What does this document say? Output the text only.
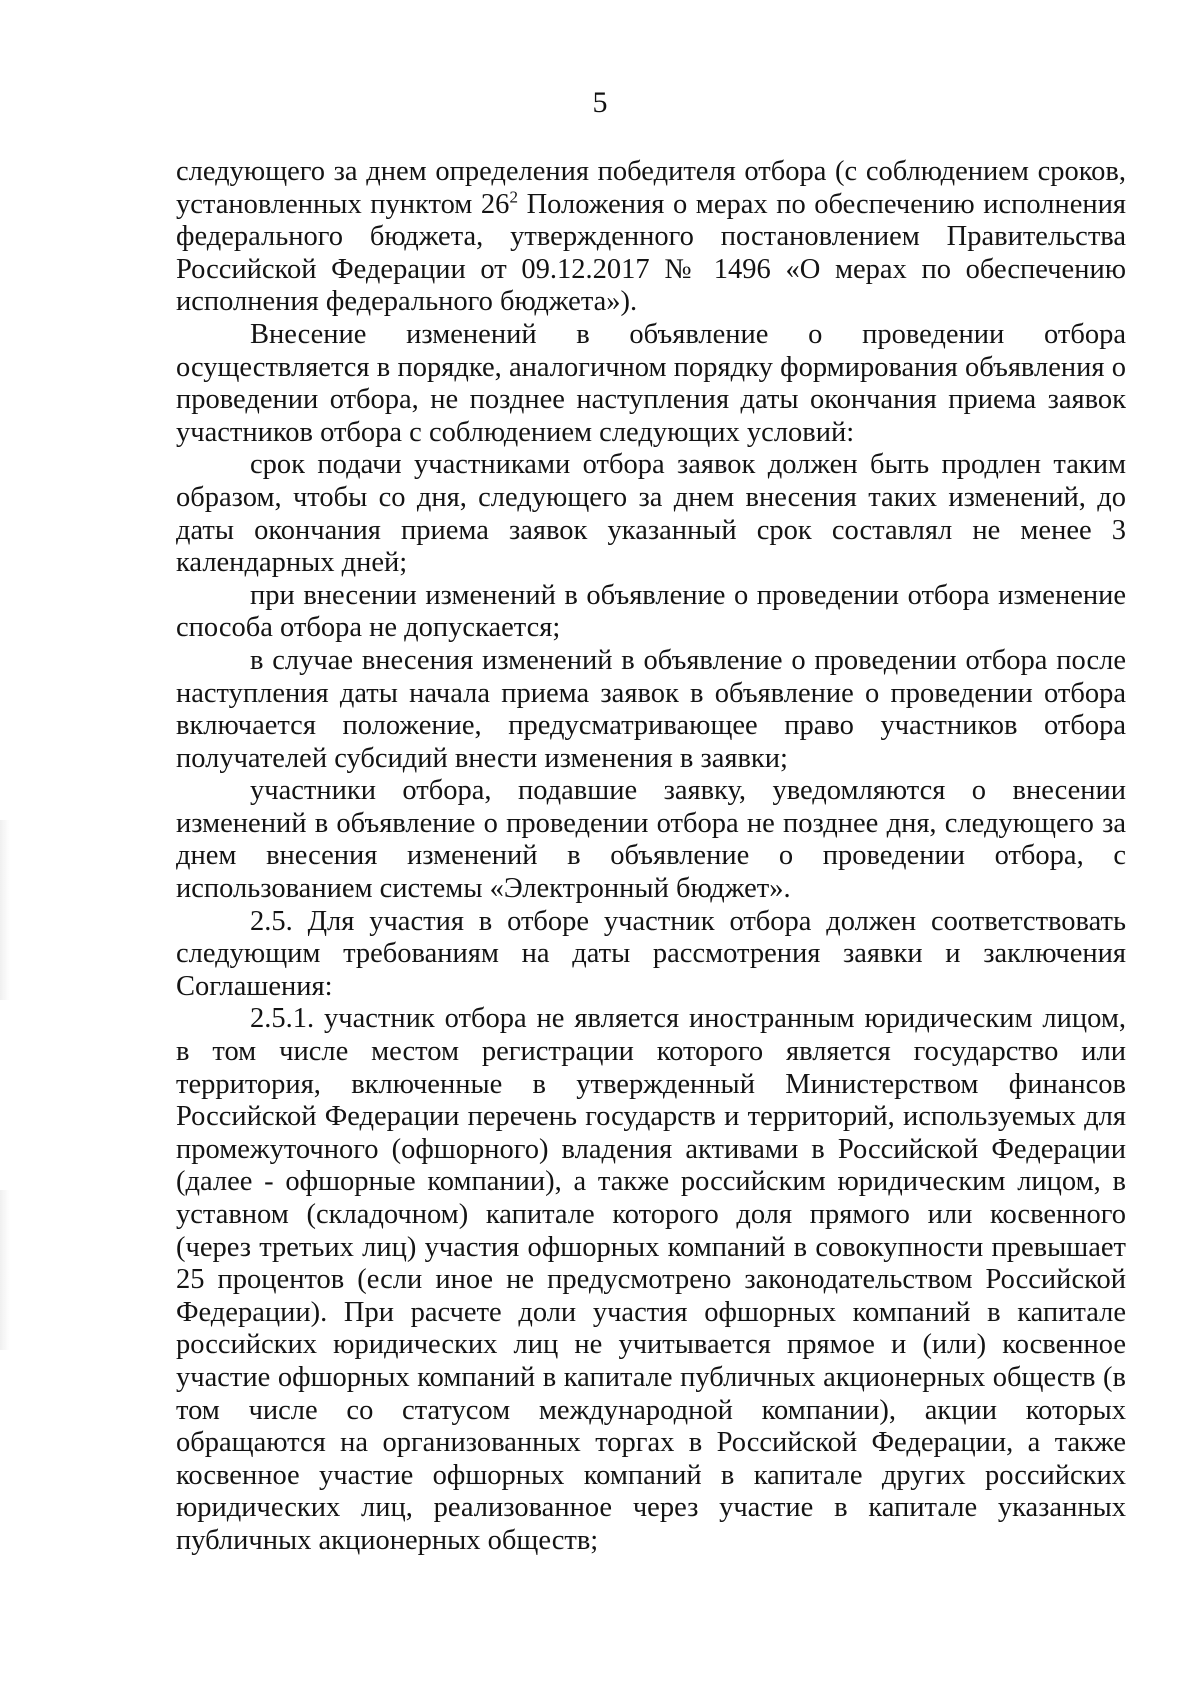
5

следующего за днем определения победителя отбора (с соблюдением сроков, установленных пунктом $26^2$ Положения о мерах по обеспечению исполнения федерального бюджета, утвержденного постановлением Правительства Российской Федерации от 09.12.2017 № 1496 «О мерах по обеспечению исполнения федерального бюджета»).

Внесение изменений в объявление о проведении отбора осуществляется в порядке, аналогичном порядку формирования объявления о проведении отбора, не позднее наступления даты окончания приема заявок участников отбора с соблюдением следующих условий:

срок подачи участниками отбора заявок должен быть продлен таким образом, чтобы со дня, следующего за днем внесения таких изменений, до даты окончания приема заявок указанный срок составлял не менее 3 календарных дней;

при внесении изменений в объявление о проведении отбора изменение способа отбора не допускается;

в случае внесения изменений в объявление о проведении отбора после наступления даты начала приема заявок в объявление о проведении отбора включается положение, предусматривающее право участников отбора получателей субсидий внести изменения в заявки;

участники отбора, подавшие заявку, уведомляются о внесении изменений в объявление о проведении отбора не позднее дня, следующего за днем внесения изменений в объявление о проведении отбора, с использованием системы «Электронный бюджет».

2.5. Для участия в отборе участник отбора должен соответствовать следующим требованиям на даты рассмотрения заявки и заключения Соглашения:

2.5.1. участник отбора не является иностранным юридическим лицом, в том числе местом регистрации которого является государство или территория, включенные в утвержденный Министерством финансов Российской Федерации перечень государств и территорий, используемых для промежуточного (офшорного) владения активами в Российской Федерации (далее - офшорные компании), а также российским юридическим лицом, в уставном (складочном) капитале которого доля прямого или косвенного (через третьих лиц) участия офшорных компаний в совокупности превышает 25 процентов (если иное не предусмотрено законодательством Российской Федерации). При расчете доли участия офшорных компаний в капитале российских юридических лиц не учитывается прямое и (или) косвенное участие офшорных компаний в капитале публичных акционерных обществ (в том числе со статусом международной компании), акции которых обращаются на организованных торгах в Российской Федерации, а также косвенное участие офшорных компаний в капитале других российских юридических лиц, реализованное через участие в капитале указанных публичных акционерных обществ;
